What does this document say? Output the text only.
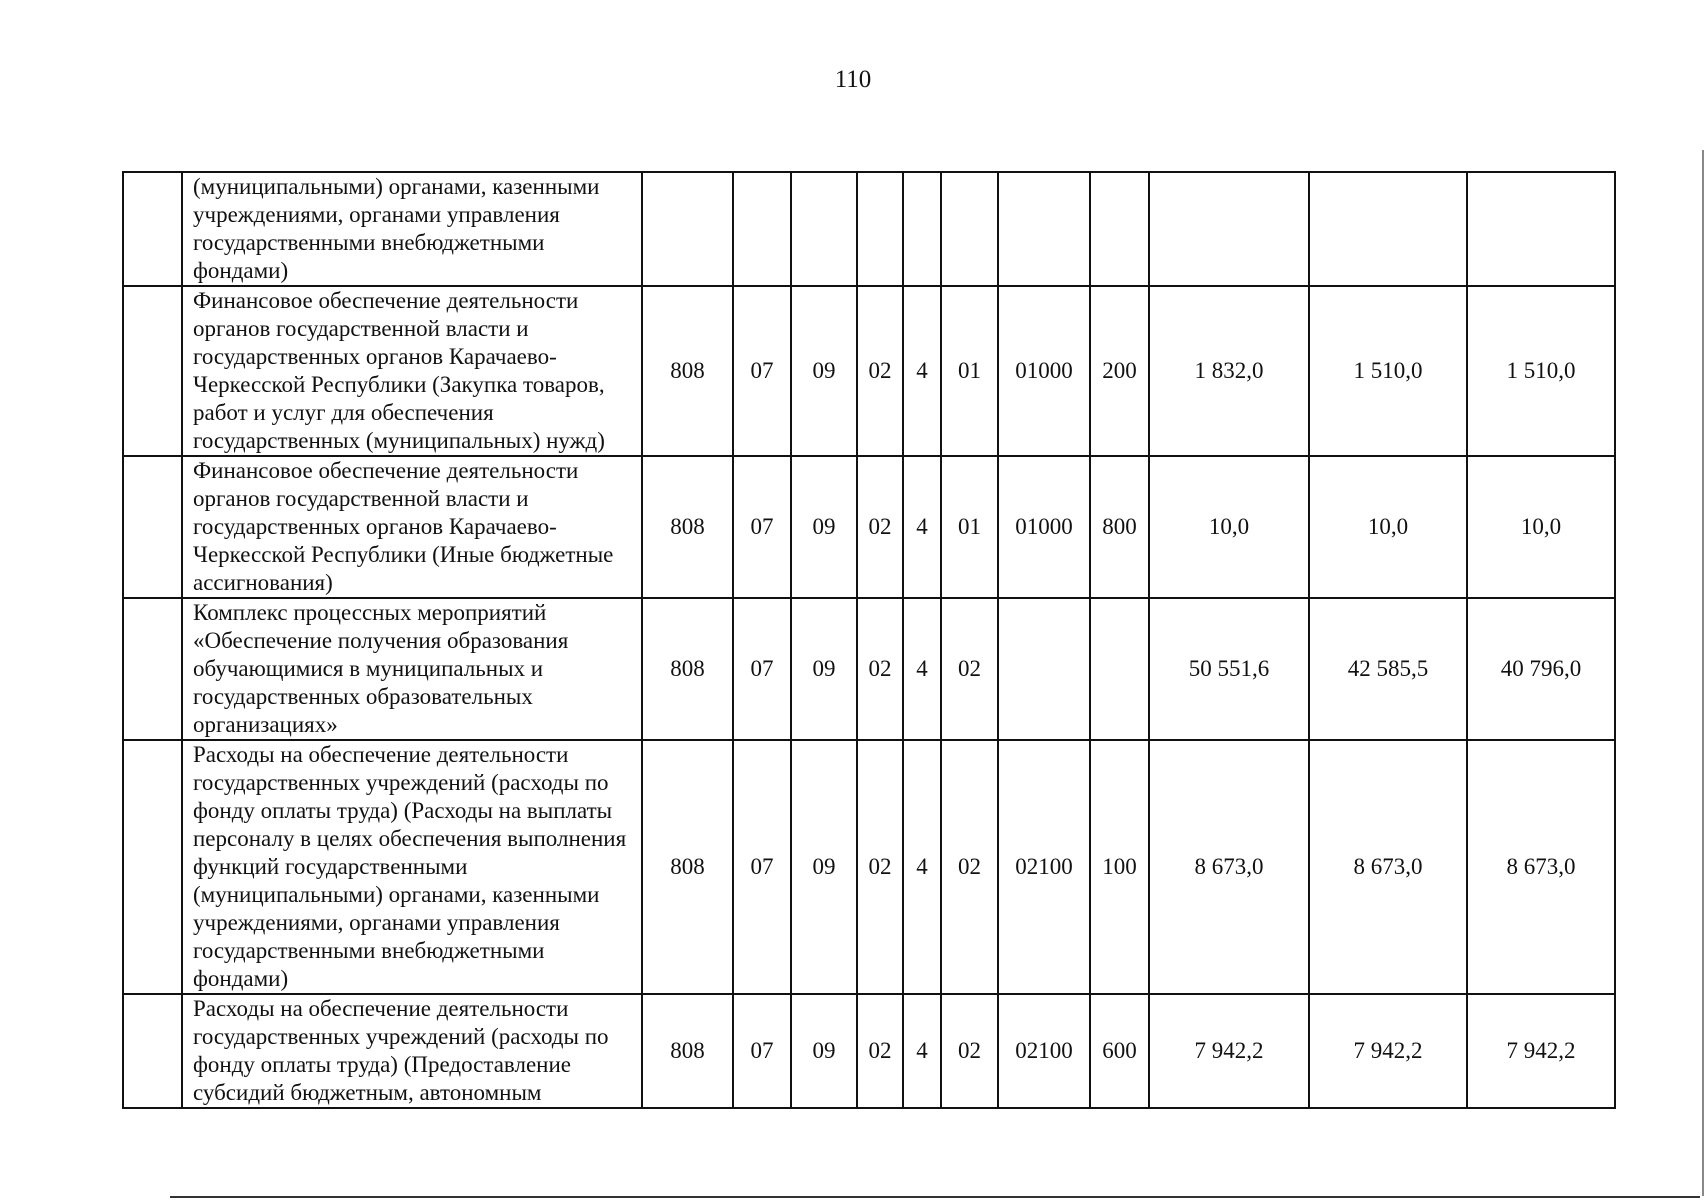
110
	(муниципальными) органами, казенными учреждениями, органами управления государственными внебюджетными фондами)											
	Финансовое обеспечение деятельности органов государственной власти и государственных органов Карачаево-Черкесской Республики (Закупка товаров, работ и услуг для обеспечения государственных (муниципальных) нужд)	808	07	09	02	4	01	01000	200	1 832,0	1 510,0	1 510,0
	Финансовое обеспечение деятельности органов государственной власти и государственных органов Карачаево-Черкесской Республики (Иные бюджетные ассигнования)	808	07	09	02	4	01	01000	800	10,0	10,0	10,0
	Комплекс процессных мероприятий «Обеспечение получения образования обучающимися в муниципальных и государственных образовательных организациях»	808	07	09	02	4	02			50 551,6	42 585,5	40 796,0
	Расходы на обеспечение деятельности государственных учреждений (расходы по фонду оплаты труда) (Расходы на выплаты персоналу в целях обеспечения выполнения функций государственными (муниципальными) органами, казенными учреждениями, органами управления государственными внебюджетными фондами)	808	07	09	02	4	02	02100	100	8 673,0	8 673,0	8 673,0
	Расходы на обеспечение деятельности государственных учреждений (расходы по фонду оплаты труда) (Предоставление субсидий бюджетным, автономным	808	07	09	02	4	02	02100	600	7 942,2	7 942,2	7 942,2
